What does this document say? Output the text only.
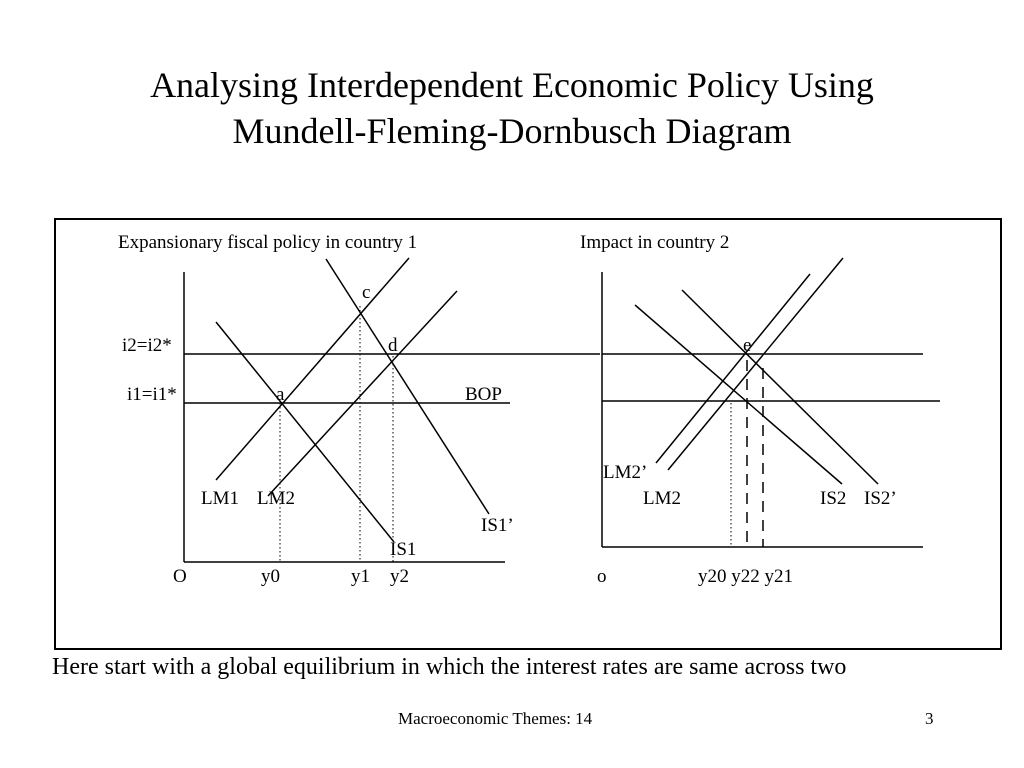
Analysing Interdependent Economic Policy Using
Mundell-Fleming-Dornbusch Diagram
Expansionary fiscal policy in country 1
c
d
i2=i2*
i1=i1*	a	BOP
LM1 LM2
IS1’
IS1
O	y0	y1 y2
Impact in country 2
e
LM2’
LM2	IS2 IS2’
o	y20 y22 y21
Here start with a global equilibrium in which the interest rates are same across two
Macroeconomic Themes: 14	3
